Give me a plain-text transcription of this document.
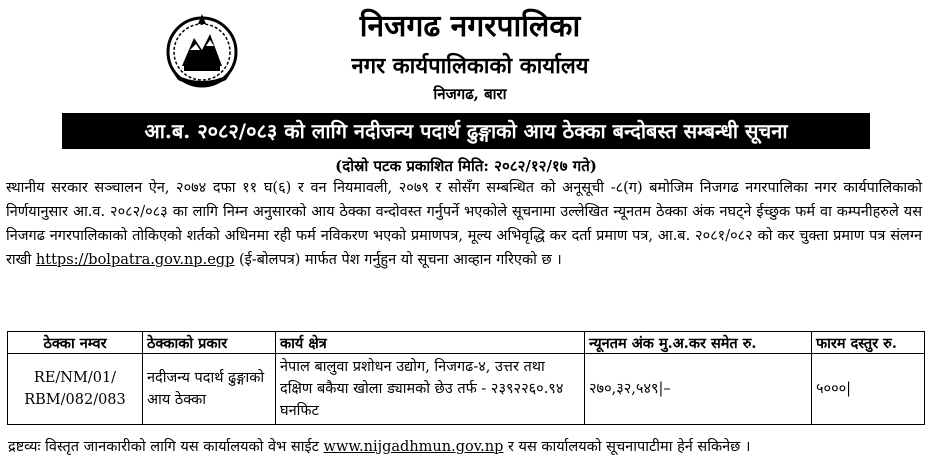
निजगढ नगरपालिका
नगर कार्यपालिकाको कार्यालय
निजगढ, बारा
आ.ब. २०८२/०८३ को लागि नदीजन्य पदार्थ ढुङ्गाको आय ठेक्का बन्दोबस्त सम्बन्धी सूचना
(दोस्रो पटक प्रकाशित मिति: २०८२/१२/१७ गते)
स्थानीय सरकार सञ्चालन ऐन, २०७४ दफा ११ घ(६) र वन नियमावली, २०७९ र सोसँग सम्बन्धित को अनूसूची -८(ग) बमोजिम निजगढ नगरपालिका नगर कार्यपालिकाको निर्णयानुसार आ.व. २०८२/०८३ का लागि निम्न अनुसारको आय ठेक्का वन्दोवस्त गर्नुपर्ने भएकोले सूचनामा उल्लेखित न्यूनतम ठेक्का अंक नघट्ने ईच्छुक फर्म वा कम्पनीहरुले यस निजगढ नगरपालिकाको तोकिएको शर्तको अधिनमा रही फर्म नविकरण भएको प्रमाणपत्र, मूल्य अभिवृद्धि कर दर्ता प्रमाण पत्र, आ.ब. २०८१/०८२ को कर चुक्ता प्रमाण पत्र संलग्न राखी https://bolpatra.gov.np.egp (ई-बोलपत्र) मार्फत पेश गर्नुहुन यो सूचना आव्हान गरिएको छ ।
ठेक्का नम्वर	ठेक्काको प्रकार	कार्य क्षेत्र	न्यूनतम अंक मु.अ.कर समेत रु.	फारम दस्तुर रु.
RE/NM/01/ RBM/082/083	नदीजन्य पदार्थ ढुङ्गाको आय ठेक्का	नेपाल बालुवा प्रशोधन उद्योग, निजगढ-४, उत्तर तथा दक्षिण बकैया खोला ड्यामको छेउ तर्फ - २३९२२६०.९४ घनफिट	२७०,३२,५४९|–	५०००|
द्रष्टव्यः विस्तृत जानकारीको लागि यस कार्यालयको वेभ साईट www.nijgadhmun.gov.np र यस कार्यालयको सूचनापाटीमा हेर्न सकिनेछ ।
